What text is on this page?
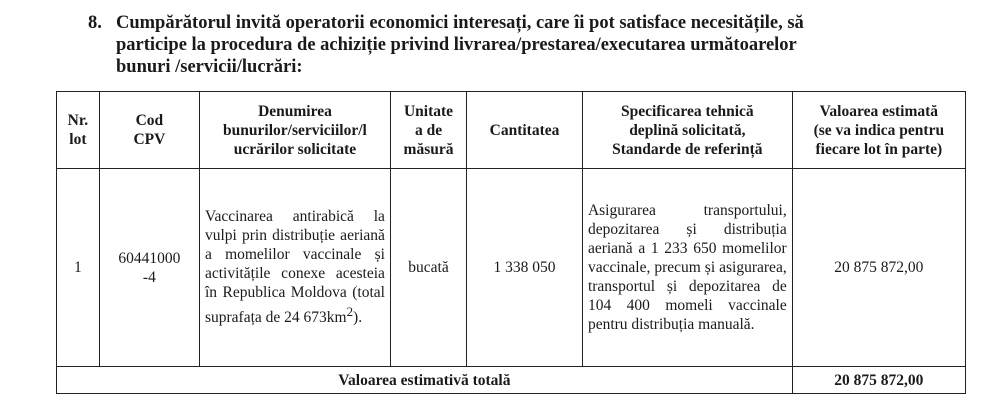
8. Cumpărătorul invită operatorii economici interesați, care îi pot satisface necesitățile, să
participe la procedura de achiziție privind livrarea/prestarea/executarea următoarelor
bunuri /servicii/lucrări:
Nr.
lot	Cod
CPV	Denumirea
bunurilor/serviciilor/l
ucrărilor solicitate	Unitate
a de
măsură	Cantitatea	Specificarea tehnică
deplină solicitată,
Standarde de referință	Valoarea estimată
(se va indica pentru
fiecare lot în parte)
1	60441000
-4	Vaccinarea antirabică la vulpi prin distribuție aeriană a momelilor vaccinale și activitățile conexe acesteia în Republica Moldova (total suprafața de 24 $673km^2$).	bucată	1 338 050	Asigurarea transportului, depozitarea și distribuția aeriană a 1 233 650 momelilor vaccinale, precum și asigurarea, transportul și depozitarea de 104 400 momeli vaccinale pentru distribuția manuală.	20 875 872,00
Valoarea estimativă totală						20 875 872,00
